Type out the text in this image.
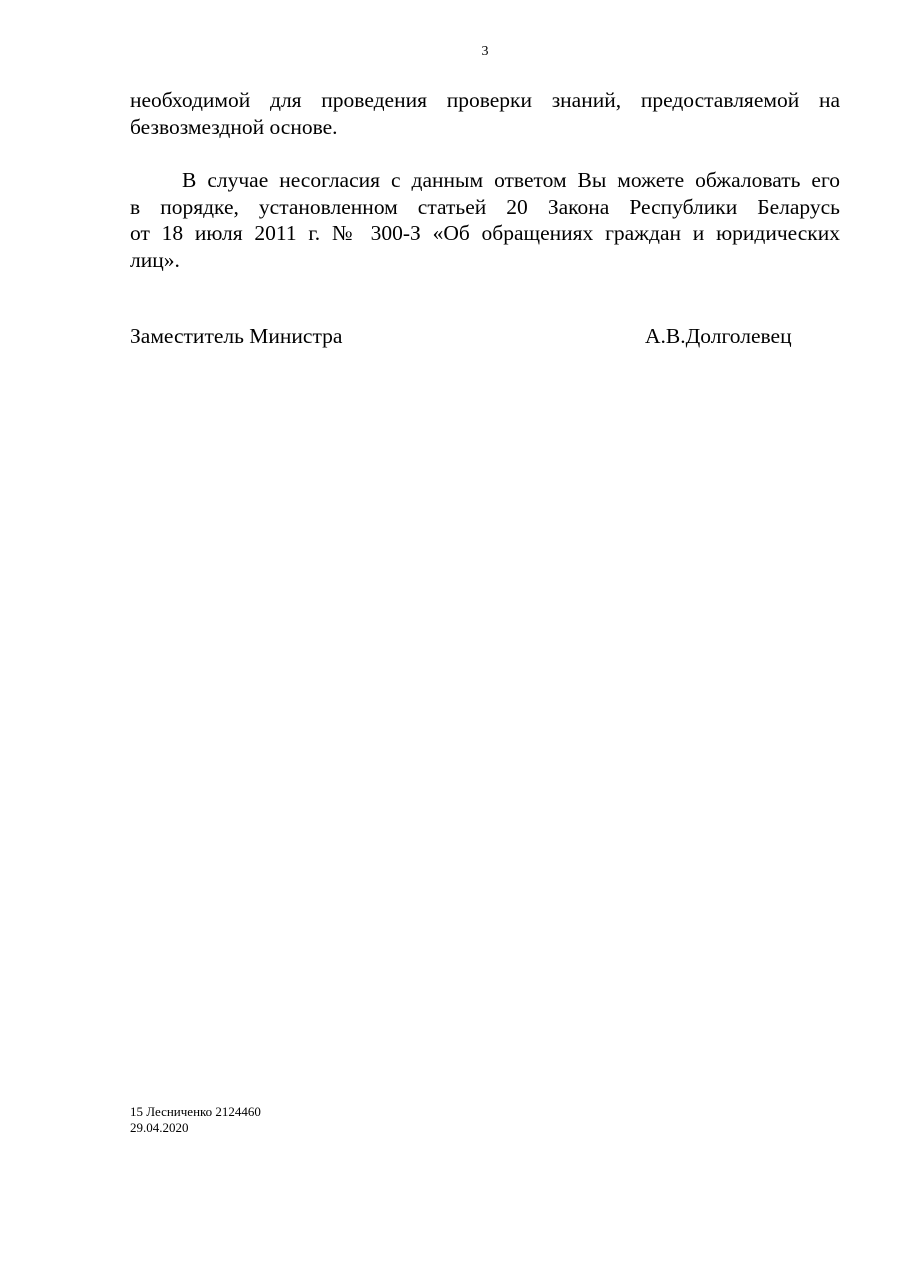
3
необходимой для проведения проверки знаний, предоставляемой на
безвозмездной основе.
В случае несогласия с данным ответом Вы можете обжаловать его
в порядке, установленном статьей 20 Закона Республики Беларусь
от 18 июля 2011 г. № 300-З «Об обращениях граждан и юридических
лиц».
Заместитель Министра	А.В.Долголевец
15 Лесниченко 2124460
29.04.2020
